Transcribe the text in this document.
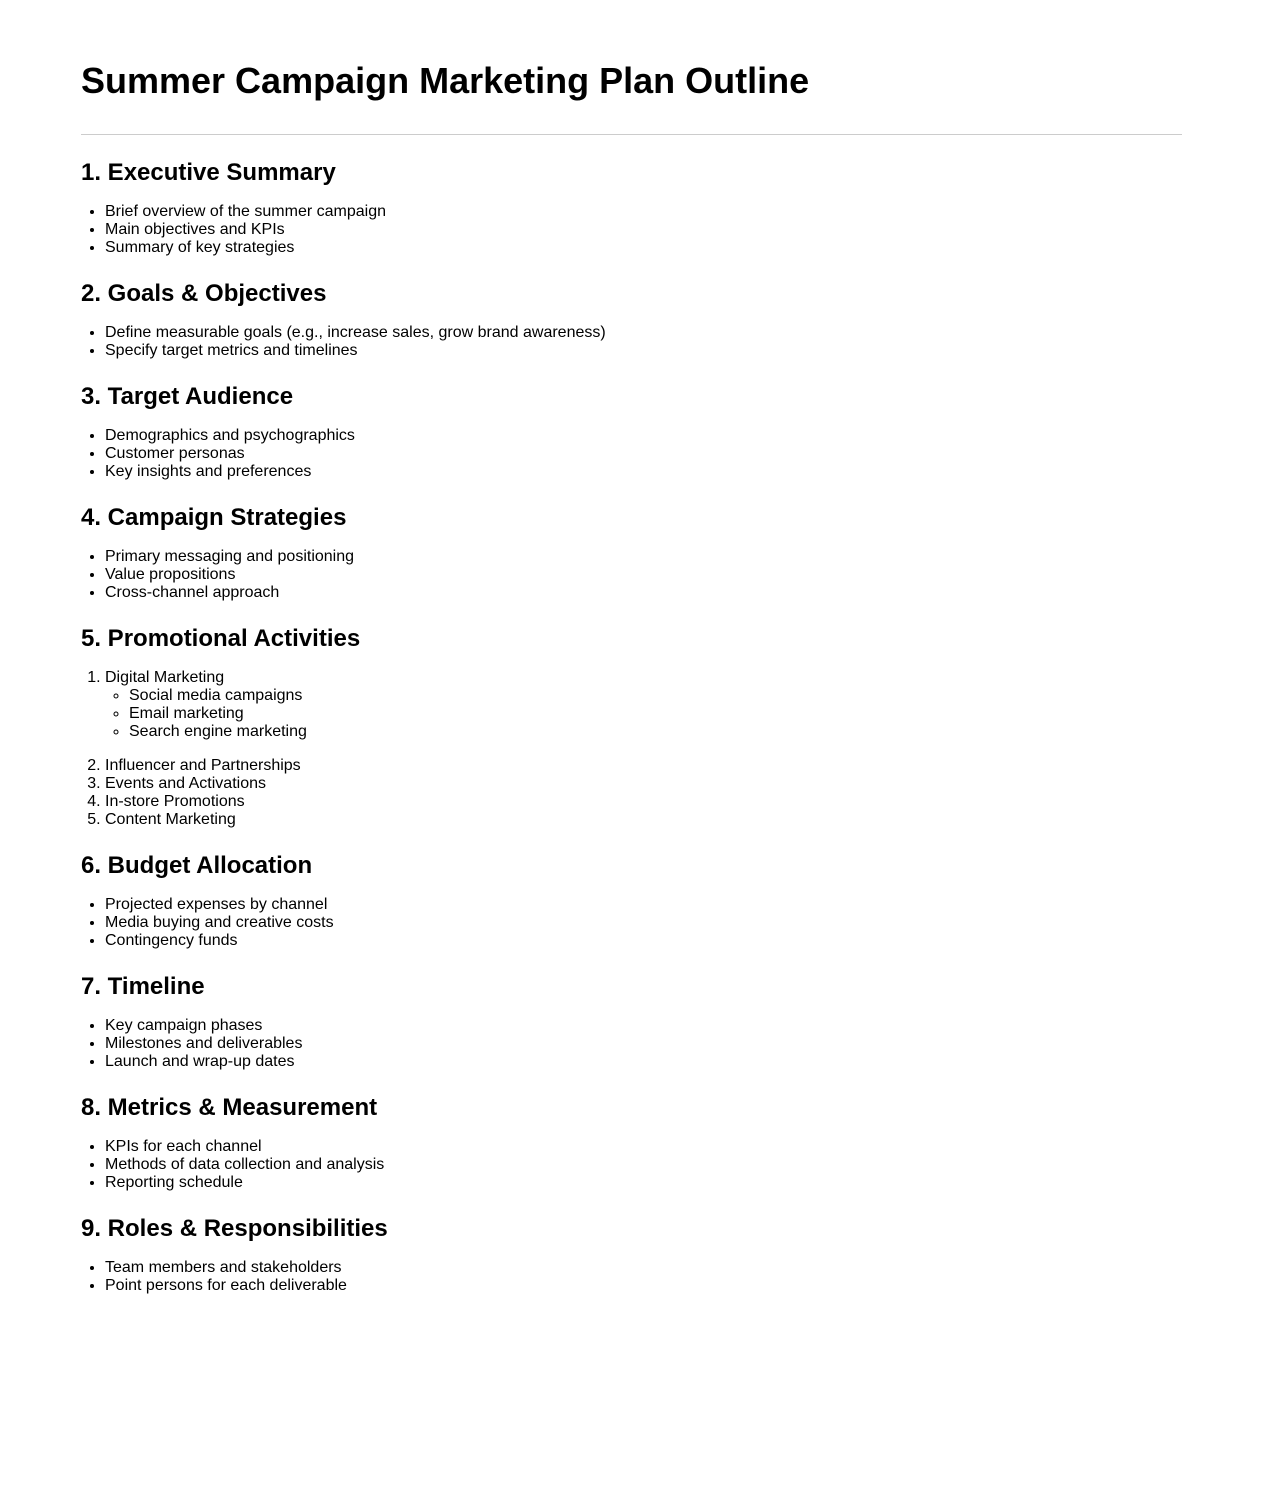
Summer Campaign Marketing Plan Outline
1. Executive Summary
• Brief overview of the summer campaign
• Main objectives and KPIs
• Summary of key strategies
2. Goals & Objectives
• Define measurable goals (e.g., increase sales, grow brand awareness)
• Specify target metrics and timelines
3. Target Audience
• Demographics and psychographics
• Customer personas
• Key insights and preferences
4. Campaign Strategies
• Primary messaging and positioning
• Value propositions
• Cross-channel approach
5. Promotional Activities
1. Digital Marketing
◦ Social media campaigns
◦ Email marketing
◦ Search engine marketing
2. Influencer and Partnerships
3. Events and Activations
4. In-store Promotions
5. Content Marketing
6. Budget Allocation
• Projected expenses by channel
• Media buying and creative costs
• Contingency funds
7. Timeline
• Key campaign phases
• Milestones and deliverables
• Launch and wrap-up dates
8. Metrics & Measurement
• KPIs for each channel
• Methods of data collection and analysis
• Reporting schedule
9. Roles & Responsibilities
• Team members and stakeholders
• Point persons for each deliverable
